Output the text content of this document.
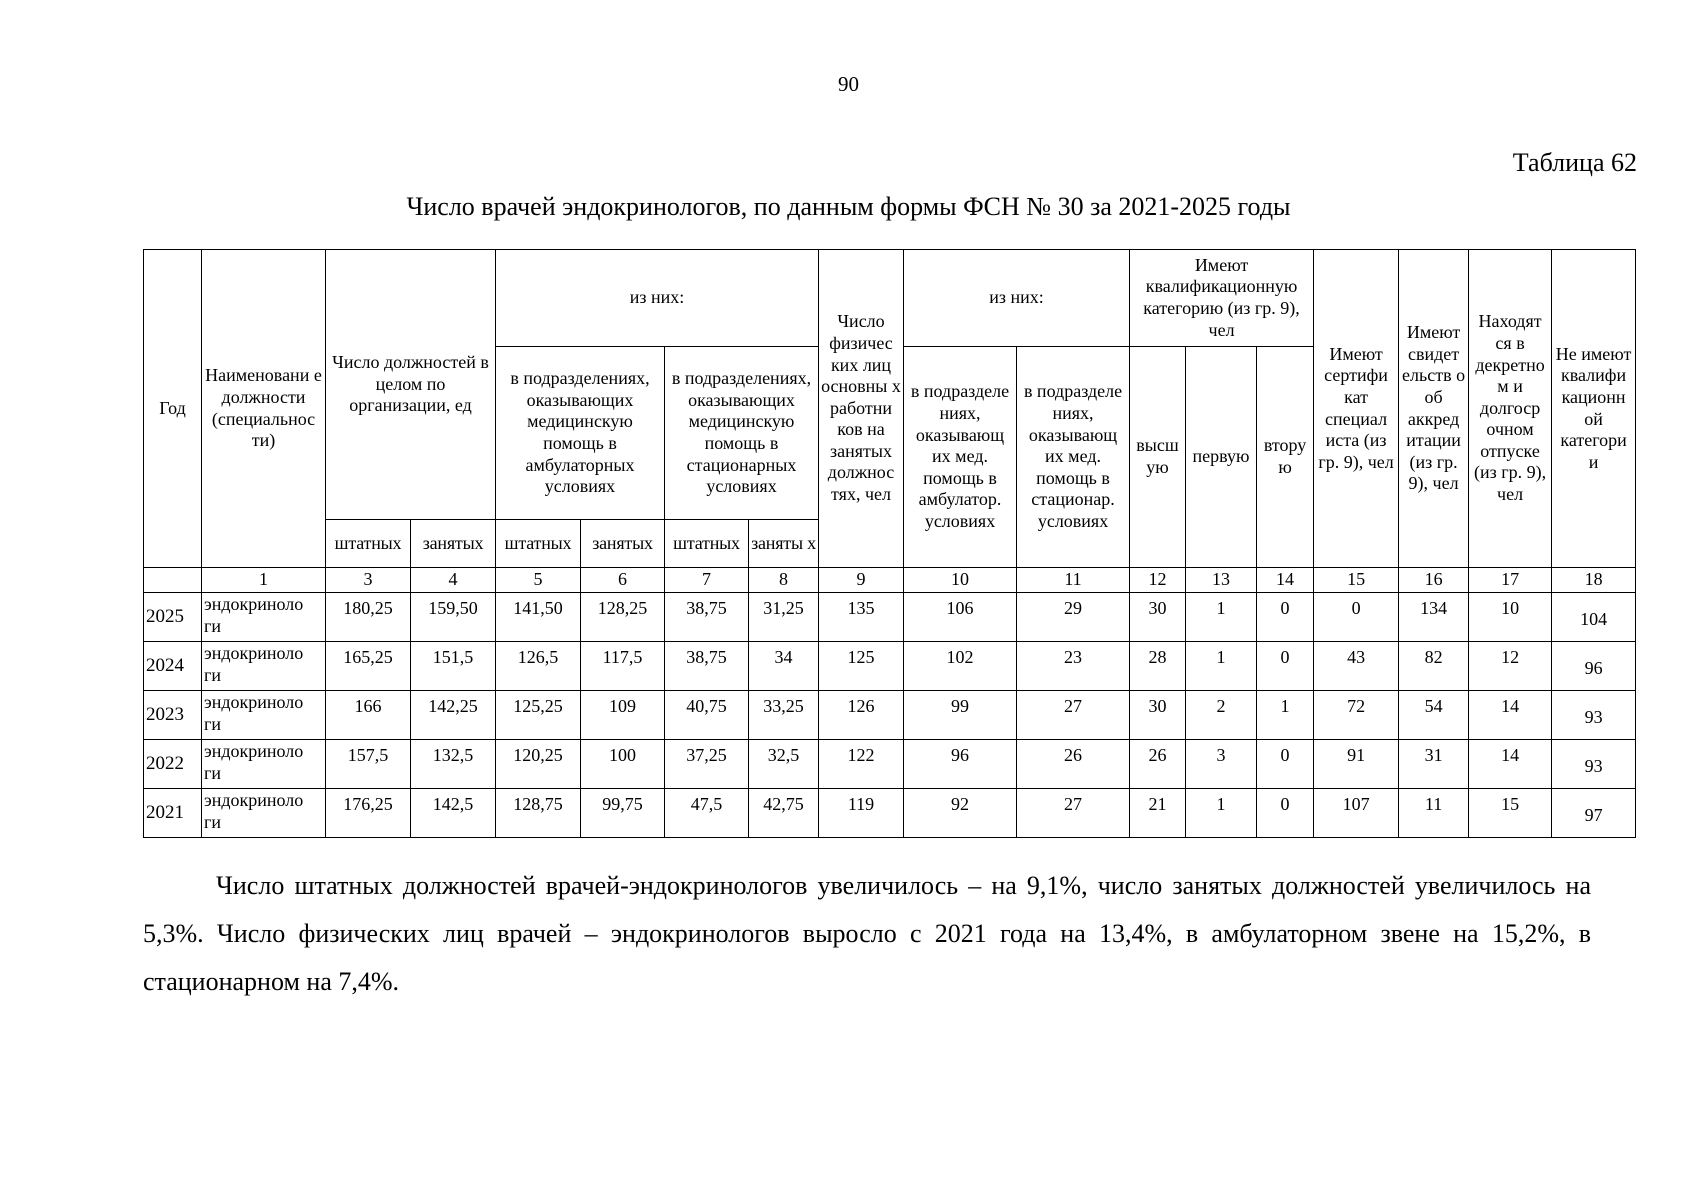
90
Таблица 62
Число врачей эндокринологов, по данным формы ФСН № 30 за 2021-2025 годы
Год	Наименовани е должности (специальнос ти)	Число должностей в целом по организации, ед		из них:				Число физичес ких лиц основны х работни ков на занятых должнос тях, чел	из них:		Имеют квалификационную категорию (из гр. 9), чел			Имеют сертифи кат специал иста (из гр. 9), чел	Имеют свидет ельств о об аккред итации (из гр. 9), чел	Находят ся в декретно м и долгоср очном отпуске (из гр. 9), чел	Не имеют квалифи кационн ой категори и
				в подразделениях, оказывающих медицинскую помощь в амбулаторных условиях		в подразделениях, оказывающих медицинскую помощь в стационарных условиях			в подразделе ниях, оказывающ их мед. помощь в амбулатор. условиях	в подразделе ниях, оказывающ их мед. помощь в стационар. условиях	высш ую	первую	втору ю				
		штатных	занятых	штатных	занятых	штатных	заняты х										
	1	3	4	5	6	7	8	9	10	11	12	13	14	15	16	17	18
2025	эндокриноло ги	180,25	159,50	141,50	128,25	38,75	31,25	135	106	29	30	1	0	0	134	10	104
2024	эндокриноло ги	165,25	151,5	126,5	117,5	38,75	34	125	102	23	28	1	0	43	82	12	96
2023	эндокриноло ги	166	142,25	125,25	109	40,75	33,25	126	99	27	30	2	1	72	54	14	93
2022	эндокриноло ги	157,5	132,5	120,25	100	37,25	32,5	122	96	26	26	3	0	91	31	14	93
2021	эндокриноло ги	176,25	142,5	128,75	99,75	47,5	42,75	119	92	27	21	1	0	107	11	15	97

Число штатных должностей врачей-эндокринологов увеличилось – на 9,1%, число занятых должностей увеличилось на 5,3%. Число физических лиц врачей – эндокринологов выросло с 2021 года на 13,4%, в амбулаторном звене на 15,2%, в стационарном на 7,4%.
